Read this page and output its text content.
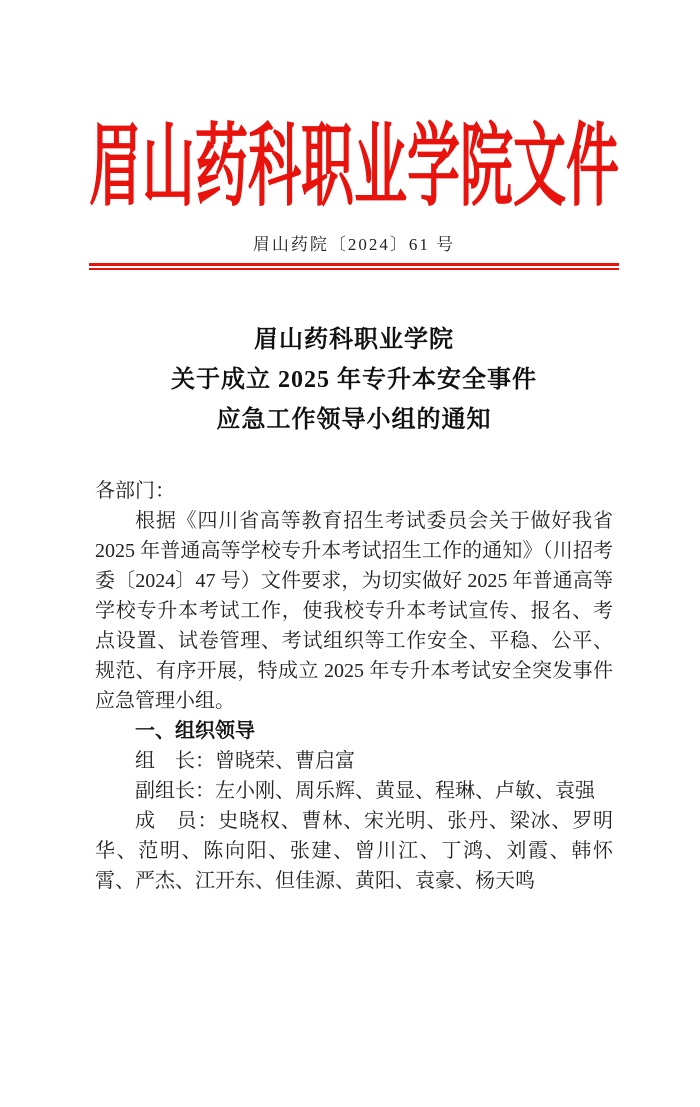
眉山药科职业学院文件
眉山药院〔2024〕61 号
眉山药科职业学院
关于成立 2025 年专升本安全事件
应急工作领导小组的通知

各部门：

根据《四川省高等教育招生考试委员会关于做好我省 2025 年普通高等学校专升本考试招生工作的通知》（川招考委〔2024〕47 号）文件要求，为切实做好 2025 年普通高等学校专升本考试工作，使我校专升本考试宣传、报名、考点设置、试卷管理、考试组织等工作安全、平稳、公平、规范、有序开展，特成立 2025 年专升本考试安全突发事件应急管理小组。

一、组织领导

组　长：曾晓荣、曹启富

副组长：左小刚、周乐辉、黄显、程琳、卢敏、袁强

成　员：史晓权、曹林、宋光明、张丹、梁冰、罗明华、范明、陈向阳、张建、曾川江、丁鸿、刘霞、韩怀霄、严杰、江开东、但佳源、黄阳、袁豪、杨天鸣
